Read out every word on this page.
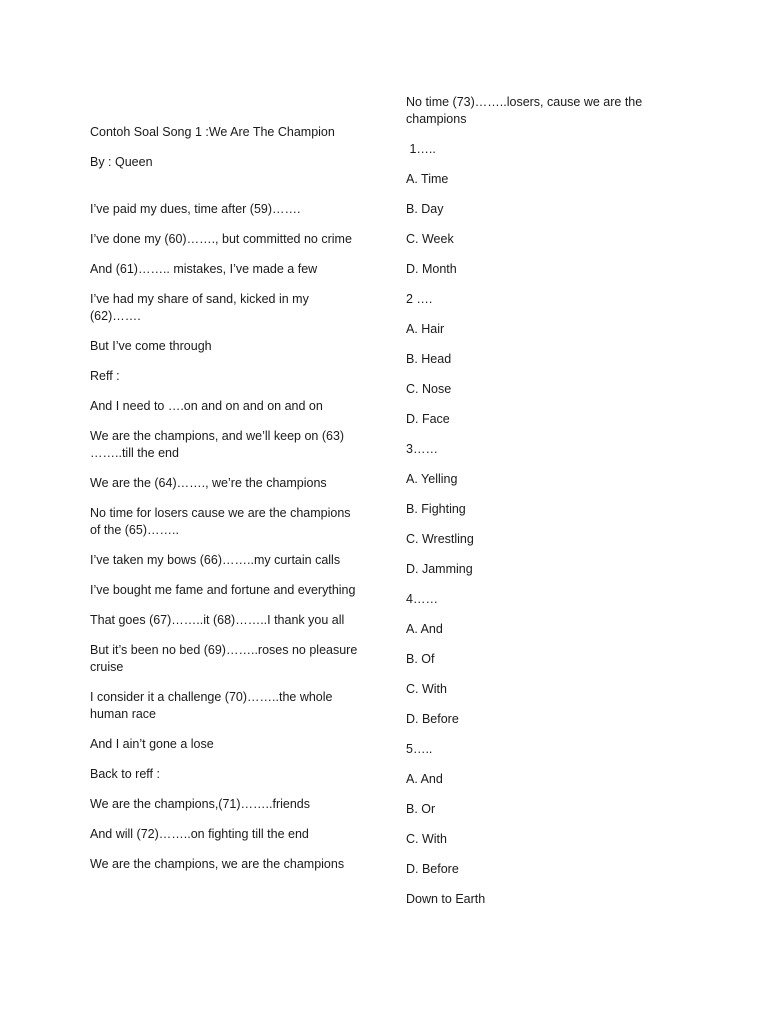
Contoh Soal Song 1 :We Are The Champion
By : Queen
I’ve paid my dues, time after (59)…….
I’ve done my (60)……., but committed no crime
And (61)…….. mistakes, I’ve made a few
I’ve had my share of sand, kicked in my (62)…….
But I’ve come through
Reff :
And I need to ….on and on and on and on
We are the champions, and we’ll keep on (63) ……..till the end
We are the (64)……., we’re the champions
No time for losers cause we are the champions of the (65)……..
I’ve taken my bows (66)……..my curtain calls
I’ve bought me fame and fortune and everything
That goes (67)……..it (68)……..I thank you all
But it’s been no bed (69)……..roses no pleasure cruise
I consider it a challenge (70)……..the whole human race
And I ain’t gone a lose
Back to reff :
We are the champions,(71)……..friends
And will (72)……..on fighting till the end
We are the champions, we are the champions
No time (73)……..losers, cause we are the champions
1…..
A. Time
B. Day
C. Week
D. Month
2 ….
A. Hair
B. Head
C. Nose
D. Face
3……
A. Yelling
B. Fighting
C. Wrestling
D. Jamming
4……
A. And
B. Of
C. With
D. Before
5…..
A. And
B. Or
C. With
D. Before
Down to Earth
